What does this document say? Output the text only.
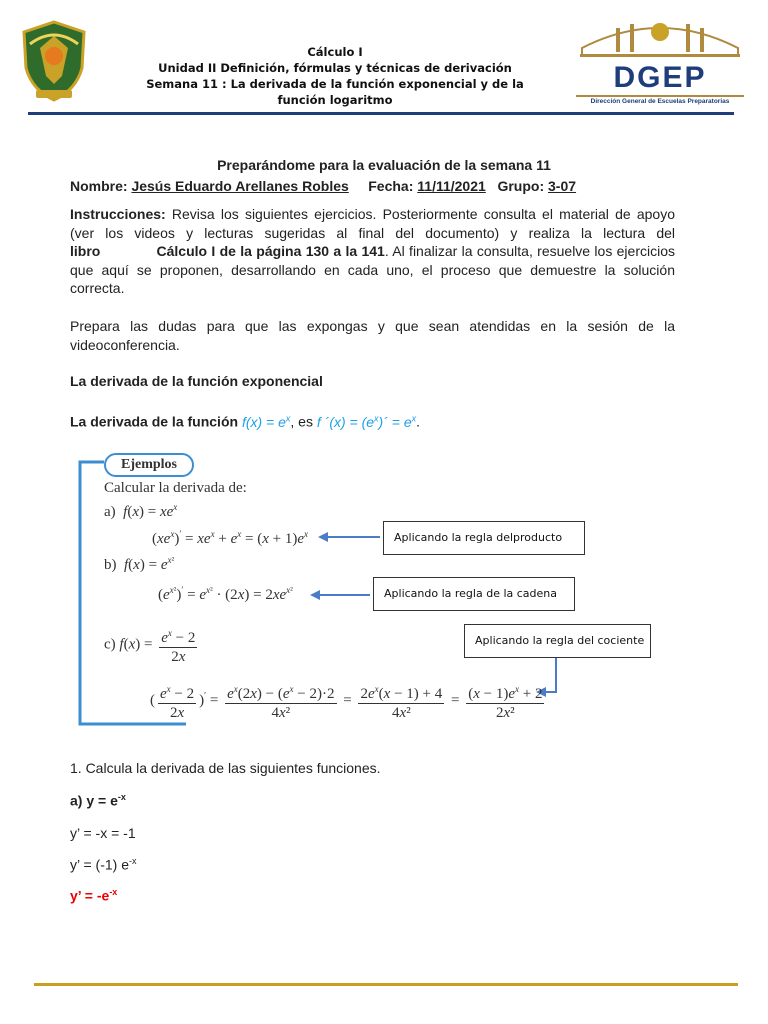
Cálculo I
Unidad II Definición, fórmulas y técnicas de derivación
Semana 11 : La derivada de la función exponencial y de la
función logaritmo
DGEP
Dirección General de Escuelas Preparatorias
Preparándome para la evaluación de la semana 11
Nombre: Jesús Eduardo Arellanes Robles Fecha: 11/11/2021 Grupo: 3-07
Instrucciones: Revisa los siguientes ejercicios. Posteriormente consulta el material de apoyo (ver los videos y lecturas sugeridas al final del documento) y realiza la lectura del libro	Cálculo I de la página 130 a la 141. Al finalizar la consulta, resuelve los ejercicios que aquí se proponen, desarrollando en cada uno, el proceso que demuestre la solución correcta.
Prepara las dudas para que las expongas y que sean atendidas en la sesión de la videoconferencia.
La derivada de la función exponencial
La derivada de la función $f(x) = e^x$, es f ´(x) = $(e^x)´ = e^x$.
Ejemplos
Calcular la derivada de:
a)  $f(x) = xe^x$
$(xe^x)' = xe^x + e^x = (x + 1)e^x$
b)  $f(x) = e^{x^2}$
$(e^{x^2})' = e^{x^2} \cdot (2x) = 2xe^{x^2}$
c) $f(x) = \frac{e^x - 2}{2x}$
( $\frac{e^x - 2}{2x} )' = \frac{e^x(2x) - (e^x - 2)\cdot 2}{\text{4x²}} = \frac{2e^x(x - 1) + 4}{\text{4x²}} = \frac{(x - 1)e^x + 2}{\text{2x²}}$
Aplicando la regla delproducto
Aplicando la regla de la cadena
Aplicando la regla del cociente
1. Calcula la derivada de las siguientes funciones.
a) $y = e^{-x}$
y’ = -x = -1
y’ = (-1) $e^{-x}$
y’ = $-e^{-x}$
